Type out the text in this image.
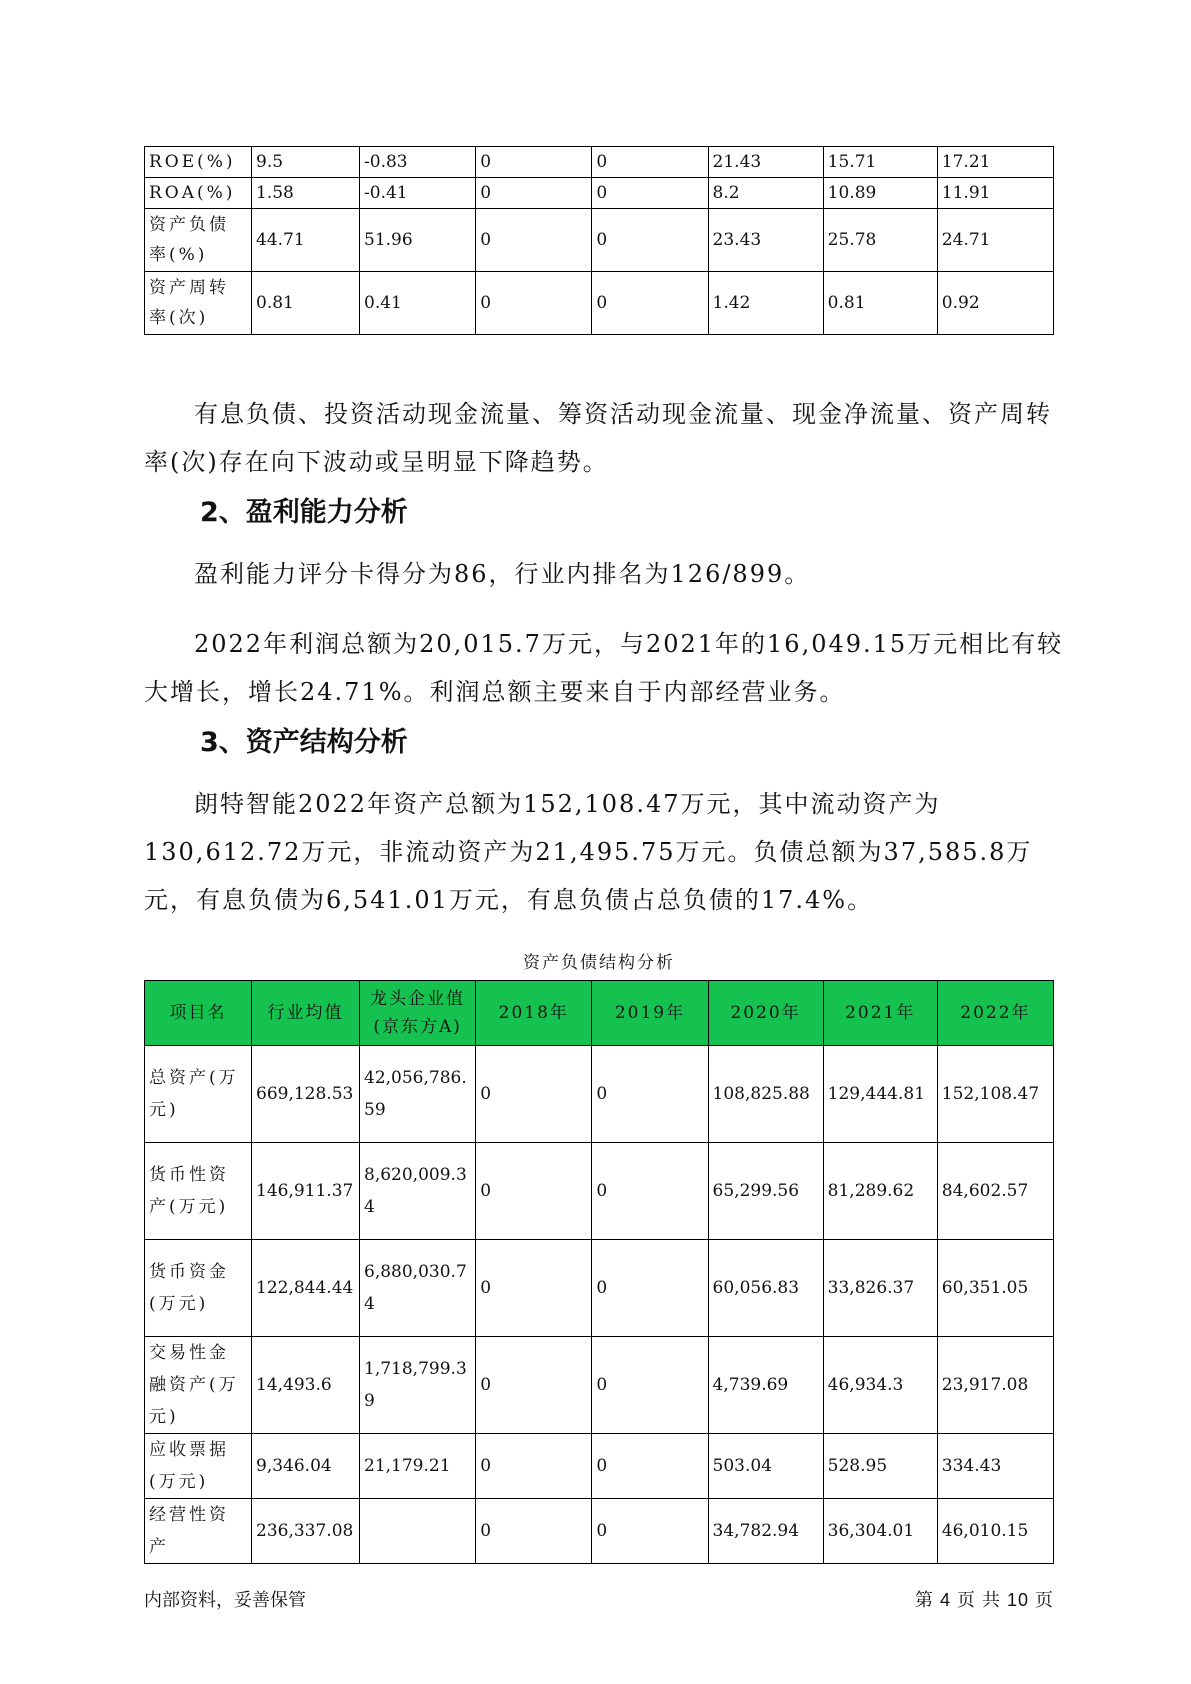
ROE(%)	9.5	-0.83	0	0	21.43	15.71	17.21
ROA(%)	1.58	-0.41	0	0	8.2	10.89	11.91
资产负债率(%)	44.71	51.96	0	0	23.43	25.78	24.71
资产周转率(次)	0.81	0.41	0	0	1.42	0.81	0.92

有息负债、投资活动现金流量、筹资活动现金流量、现金净流量、资产周转率(次)存在向下波动或呈明显下降趋势。

2、盈利能力分析

盈利能力评分卡得分为86，行业内排名为126/899。

2022年利润总额为20,015.7万元，与2021年的16,049.15万元相比有较大增长，增长24.71%。利润总额主要来自于内部经营业务。

3、资产结构分析

朗特智能2022年资产总额为152,108.47万元，其中流动资产为130,612.72万元，非流动资产为21,495.75万元。负债总额为37,585.8万元，有息负债为6,541.01万元，有息负债占总负债的17.4%。

资产负债结构分析
项目名	行业均值	龙头企业值(京东方A)	2018年	2019年	2020年	2021年	2022年
总资产(万元)	669,128.53	42,056,786.59	0	0	108,825.88	129,444.81	152,108.47
货币性资产(万元)	146,911.37	8,620,009.34	0	0	65,299.56	81,289.62	84,602.57
货币资金(万元)	122,844.44	6,880,030.74	0	0	60,056.83	33,826.37	60,351.05
交易性金融资产(万元)	14,493.6	1,718,799.39	0	0	4,739.69	46,934.3	23,917.08
应收票据(万元)	9,346.04	21,179.21	0	0	503.04	528.95	334.43
经营性资产	236,337.08		0	0	34,782.94	36,304.01	46,010.15
内部资料，妥善保管	第 4 页 共 10 页
